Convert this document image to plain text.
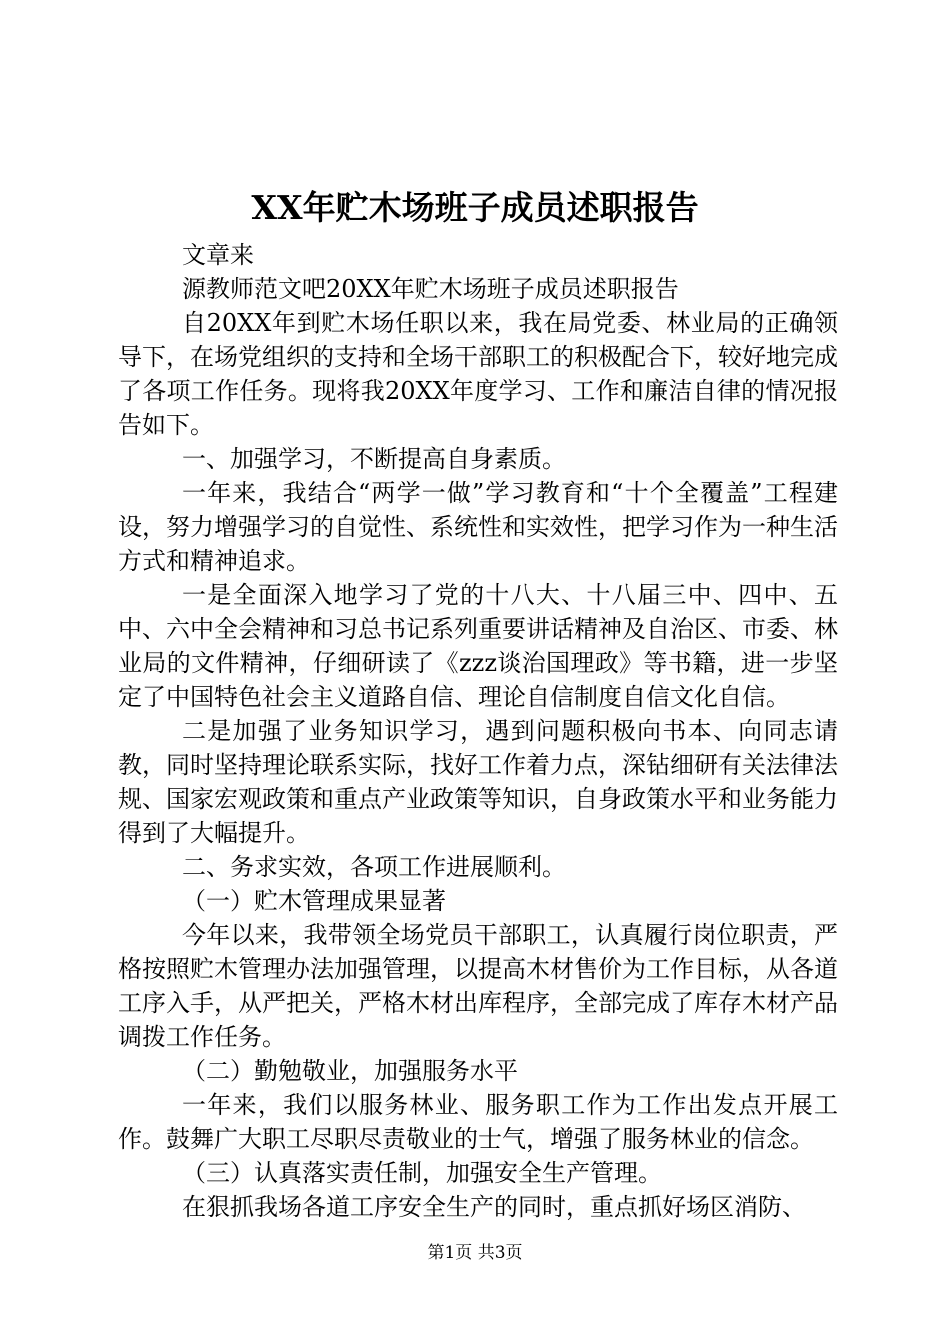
XX年贮木场班子成员述职报告

文章来

源教师范文吧20XX年贮木场班子成员述职报告

自20XX年到贮木场任职以来，我在局党委、林业局的正确领导下，在场党组织的支持和全场干部职工的积极配合下，较好地完成了各项工作任务。现将我20XX年度学习、工作和廉洁自律的情况报告如下。

一、加强学习，不断提高自身素质。

一年来，我结合“两学一做”学习教育和“十个全覆盖”工程建设，努力增强学习的自觉性、系统性和实效性，把学习作为一种生活方式和精神追求。

一是全面深入地学习了党的十八大、十八届三中、四中、五中、六中全会精神和习总书记系列重要讲话精神及自治区、市委、林业局的文件精神，仔细研读了《zzz谈治国理政》等书籍，进一步坚定了中国特色社会主义道路自信、理论自信制度自信文化自信。

二是加强了业务知识学习，遇到问题积极向书本、向同志请教，同时坚持理论联系实际，找好工作着力点，深钻细研有关法律法规、国家宏观政策和重点产业政策等知识，自身政策水平和业务能力得到了大幅提升。

二、务求实效，各项工作进展顺利。

（一）贮木管理成果显著

今年以来，我带领全场党员干部职工，认真履行岗位职责，严格按照贮木管理办法加强管理，以提高木材售价为工作目标，从各道工序入手，从严把关，严格木材出库程序，全部完成了库存木材产品调拨工作任务。

（二）勤勉敬业，加强服务水平

一年来，我们以服务林业、服务职工作为工作出发点开展工作。鼓舞广大职工尽职尽责敬业的士气，增强了服务林业的信念。

（三）认真落实责任制，加强安全生产管理。

在狠抓我场各道工序安全生产的同时，重点抓好场区消防、

第1页 共3页
